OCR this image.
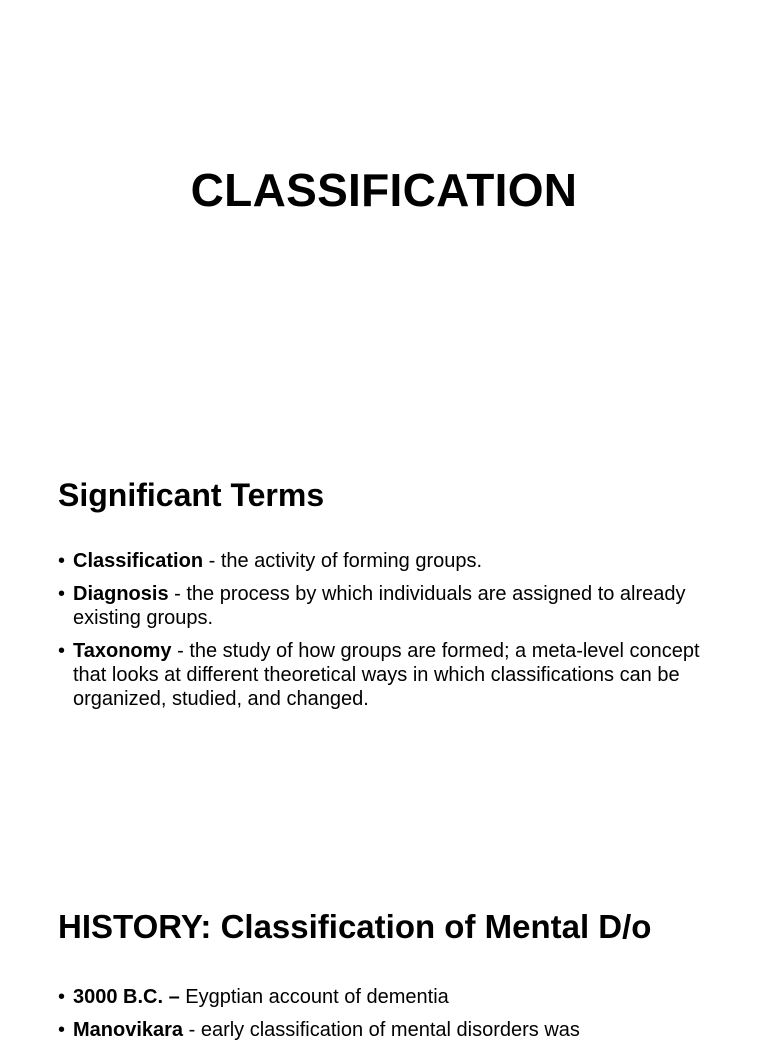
CLASSIFICATION
Significant Terms
• Classification - the activity of forming groups.
• Diagnosis - the process by which individuals are assigned to already existing groups.
• Taxonomy - the study of how groups are formed; a meta-level concept that looks at different theoretical ways in which classifications can be organized, studied, and changed.
HISTORY: Classification of Mental D/o
• 3000 B.C. – Eygptian account of dementia
• Manovikara - early classification of mental disorders was
